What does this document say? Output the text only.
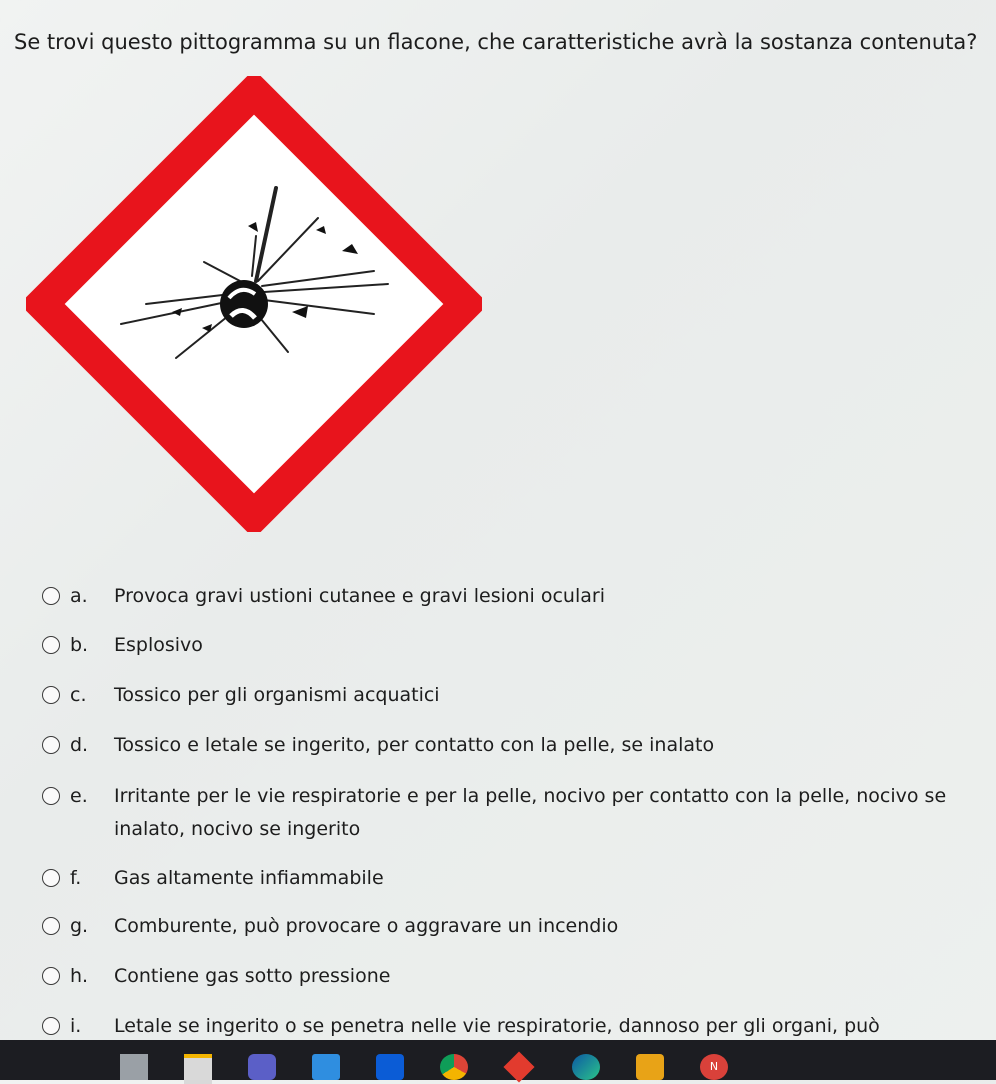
Se trovi questo pittogramma su un flacone, che caratteristiche avrà la sostanza contenuta?
a.	Provoca gravi ustioni cutanee e gravi lesioni oculari
b.	Esplosivo
c.	Tossico per gli organismi acquatici
d.	Tossico e letale se ingerito, per contatto con la pelle, se inalato
e.	Irritante per le vie respiratorie e per la pelle, nocivo per contatto con la pelle, nocivo se inalato, nocivo se ingerito
f.	Gas altamente infiammabile
g.	Comburente, può provocare o aggravare un incendio
h.	Contiene gas sotto pressione
i.	Letale se ingerito o se penetra nelle vie respiratorie, dannoso per gli organi, può
N
